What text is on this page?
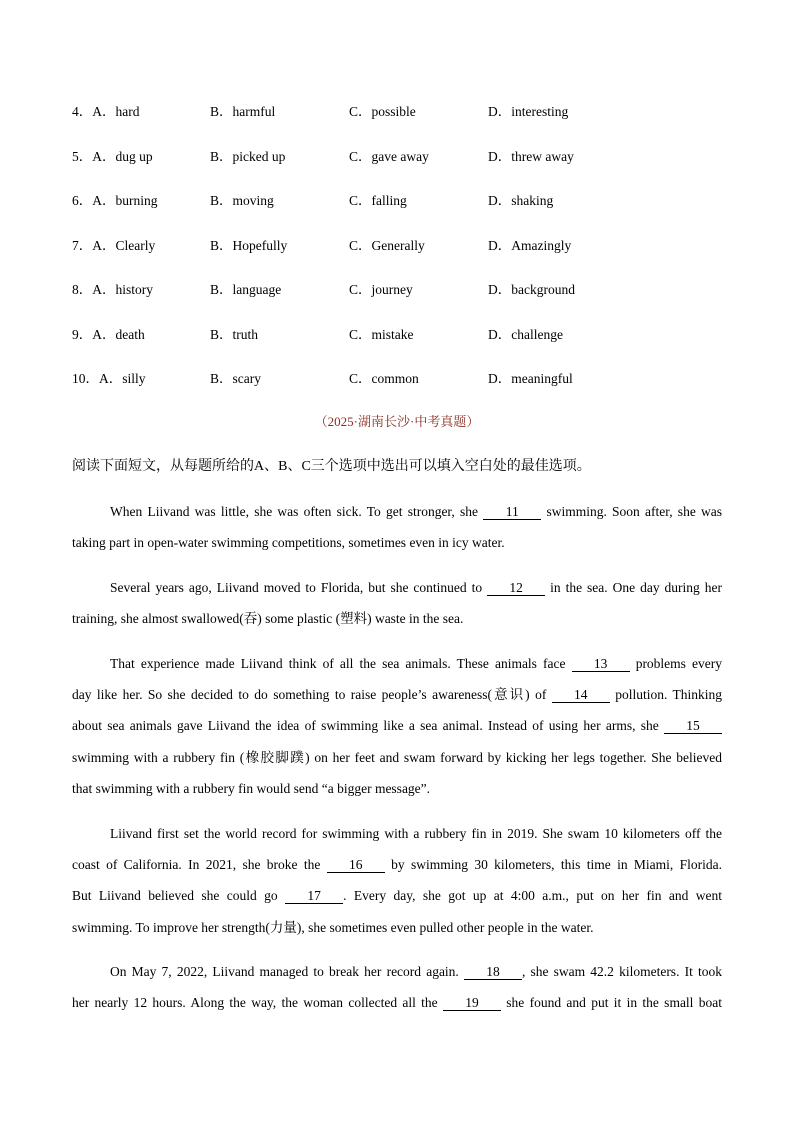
4．A．hard	B．harmful	C．possible	D．interesting
5．A．dug up	B．picked up	C．gave away	D．threw away
6．A．burning	B．moving	C．falling	D．shaking
7．A．Clearly	B．Hopefully	C．Generally	D．Amazingly
8．A．history	B．language	C．journey	D．background
9．A．death	B．truth	C．mistake	D．challenge
10．A．silly	B．scary	C．common	D．meaningful
（2025·湖南长沙·中考真题）
阅读下面短文，从每题所给的A、B、C三个选项中选出可以填入空白处的最佳选项。
When Liivand was little, she was often sick. To get stronger, she 11 swimming. Soon after, she was
taking part in open-water swimming competitions, sometimes even in icy water.
Several years ago, Liivand moved to Florida, but she continued to 12 in the sea. One day during her
training, she almost swallowed(吞) some plastic (塑料) waste in the sea.
That experience made Liivand think of all the sea animals. These animals face 13 problems every
day like her. So she decided to do something to raise people’s awareness(意识) of 14 pollution. Thinking
about sea animals gave Liivand the idea of swimming like a sea animal. Instead of using her arms, she 15
swimming with a rubbery fin (橡胶脚蹼) on her feet and swam forward by kicking her legs together. She believed
that swimming with a rubbery fin would send “a bigger message”.
Liivand first set the world record for swimming with a rubbery fin in 2019. She swam 10 kilometers off the
coast of California. In 2021, she broke the 16 by swimming 30 kilometers, this time in Miami, Florida.
But Liivand believed she could go 17 . Every day, she got up at 4:00 a.m., put on her fin and went
swimming. To improve her strength(力量), she sometimes even pulled other people in the water.
On May 7, 2022, Liivand managed to break her record again. 18 , she swam 42.2 kilometers. It took
her nearly 12 hours. Along the way, the woman collected all the 19 she found and put it in the small boat
